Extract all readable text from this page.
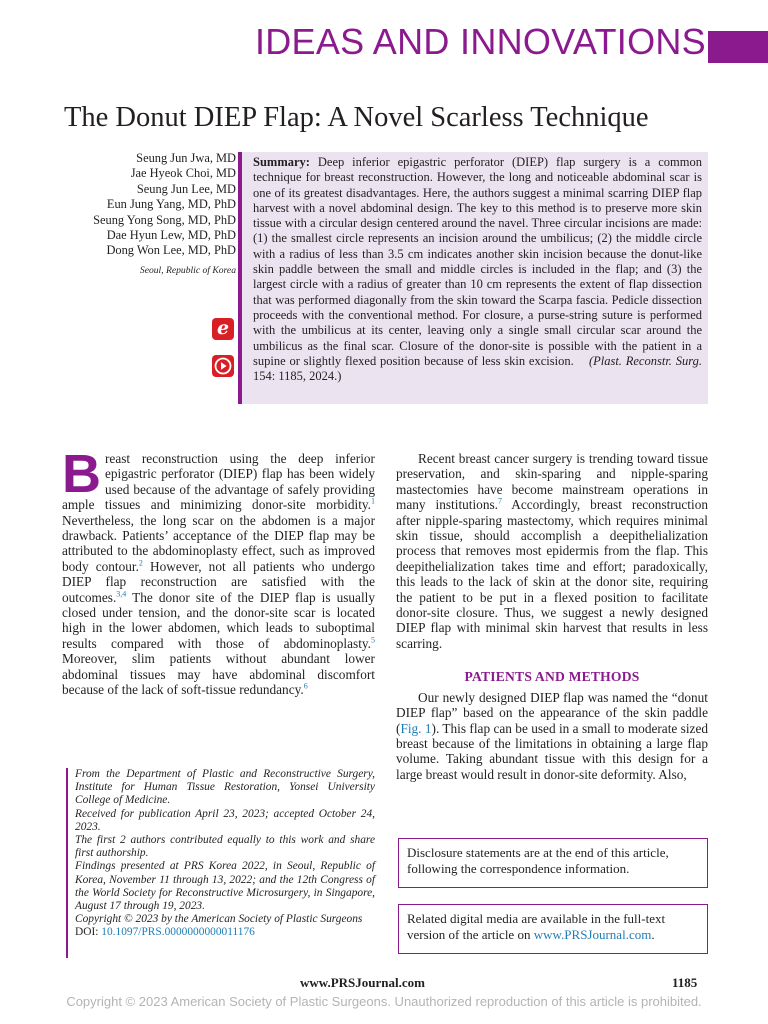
IDEAS AND INNOVATIONS
The Donut DIEP Flap: A Novel Scarless Technique
Seung Jun Jwa, MD
Jae Hyeok Choi, MD
Seung Jun Lee, MD
Eun Jung Yang, MD, PhD
Seung Yong Song, MD, PhD
Dae Hyun Lew, MD, PhD
Dong Won Lee, MD, PhD
Seoul, Republic of Korea
e
Summary: Deep inferior epigastric perforator (DIEP) flap surgery is a common technique for breast reconstruction. However, the long and noticeable abdominal scar is one of its greatest disadvantages. Here, the authors suggest a minimal scarring DIEP flap harvest with a novel abdominal design. The key to this method is to preserve more skin tissue with a circular design centered around the navel. Three circular incisions are made: (1) the smallest circle represents an incision around the umbilicus; (2) the middle circle with a radius of less than 3.5 cm indicates another skin incision because the donut-like skin paddle between the small and middle circles is included in the flap; and (3) the largest circle with a radius of greater than 10 cm represents the extent of flap dissection that was performed diagonally from the skin toward the Scarpa fascia. Pedicle dissection proceeds with the conventional method. For closure, a purse-string suture is performed with the umbilicus at its center, leaving only a single small circular scar around the umbilicus as the final scar. Closure of the donor-site is possible with the patient in a supine or slightly flexed position because of less skin excision. (Plast. Reconstr. Surg. 154: 1185, 2024.)

Breast reconstruction using the deep inferior epigastric perforator (DIEP) flap has been widely used because of the advantage of safely providing ample tissues and minimizing donor-site morbidity.$^1$ Nevertheless, the long scar on the abdomen is a major drawback. Patients’ acceptance of the DIEP flap may be attributed to the abdominoplasty effect, such as improved body contour.$^2$ However, not all patients who undergo DIEP flap reconstruction are satisfied with the outcomes.$^{3,4}$ The donor site of the DIEP flap is usually closed under tension, and the donor-site scar is located high in the lower abdomen, which leads to suboptimal results compared with those of abdominoplasty.$^5$ Moreover, slim patients without abundant lower abdominal tissues may have abdominal discomfort because of the lack of soft-tissue redundancy.$^6$

Recent breast cancer surgery is trending toward tissue preservation, and skin-sparing and nipple-sparing mastectomies have become mainstream operations in many institutions.$^7$ Accordingly, breast reconstruction after nipple-sparing mastectomy, which requires minimal skin tissue, should accomplish a deepithelialization process that removes most epidermis from the flap. This deepithelialization takes time and effort; paradoxically, this leads to the lack of skin at the donor site, requiring the patient to be put in a flexed position to facilitate donor-site closure. Thus, we suggest a newly designed DIEP flap with minimal skin harvest that results in less scarring.

PATIENTS AND METHODS

Our newly designed DIEP flap was named the “donut DIEP flap” based on the appearance of the skin paddle (Fig. 1). This flap can be used in a small to moderate sized breast because of the limitations in obtaining a large flap volume. Taking abundant tissue with this design for a large breast would result in donor-site deformity. Also,

From the Department of Plastic and Reconstructive Surgery, Institute for Human Tissue Restoration, Yonsei University College of Medicine.

Received for publication April 23, 2023; accepted October 24, 2023.

The first 2 authors contributed equally to this work and share first authorship.

Findings presented at PRS Korea 2022, in Seoul, Republic of Korea, November 11 through 13, 2022; and the 12th Congress of the World Society for Reconstructive Microsurgery, in Singapore, August 17 through 19, 2023.

Copyright © 2023 by the American Society of Plastic Surgeons

DOI: 10.1097/PRS.0000000000011176

Disclosure statements are at the end of this article, following the correspondence information.
Related digital media are available in the full-text version of the article on www.PRSJournal.com.
www.PRSJournal.com	1185
Copyright © 2023 American Society of Plastic Surgeons. Unauthorized reproduction of this article is prohibited.
